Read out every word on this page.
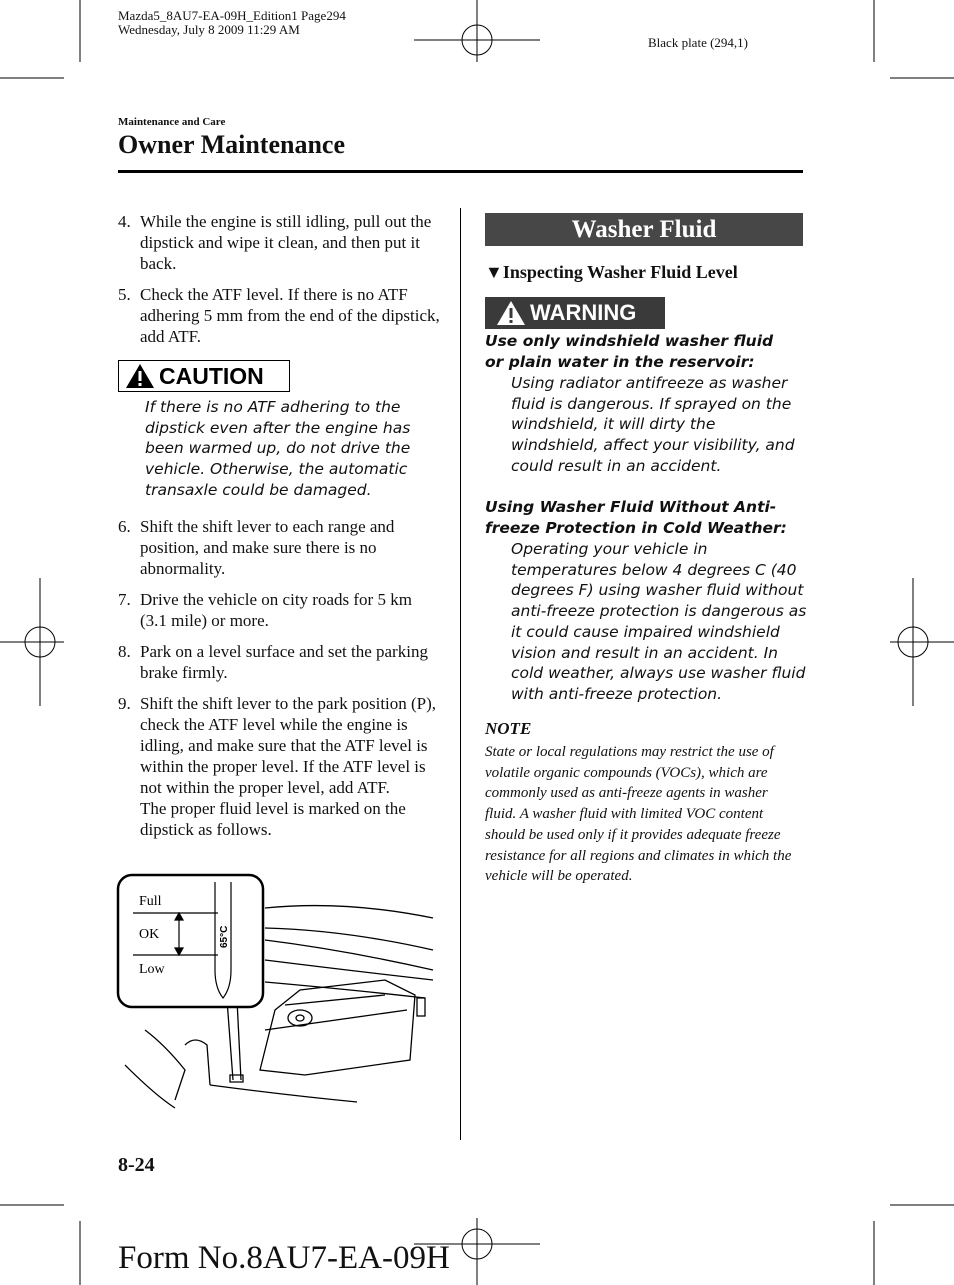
Mazda5_8AU7-EA-09H_Edition1 Page294
Wednesday, July 8 2009 11:29 AM
Black plate (294,1)
Maintenance and Care
Owner Maintenance
4. While the engine is still idling, pull out the dipstick and wipe it clean, and then put it back.
5. Check the ATF level. If there is no ATF adhering 5 mm from the end of the dipstick, add ATF.
CAUTION
If there is no ATF adhering to the dipstick even after the engine has been warmed up, do not drive the vehicle. Otherwise, the automatic transaxle could be damaged.
6. Shift the shift lever to each range and position, and make sure there is no abnormality.
7. Drive the vehicle on city roads for 5 km (3.1 mile) or more.
8. Park on a level surface and set the parking brake firmly.
9. Shift the shift lever to the park position (P), check the ATF level while the engine is idling, and make sure that the ATF level is within the proper level. If the ATF level is not within the proper level, add ATF.
The proper fluid level is marked on the dipstick as follows.
Full
OK
Low
65°C
Washer Fluid
▼Inspecting Washer Fluid Level
WARNING
Use only windshield washer fluid or plain water in the reservoir:
Using radiator antifreeze as washer fluid is dangerous. If sprayed on the windshield, it will dirty the windshield, affect your visibility, and could result in an accident.
Using Washer Fluid Without Anti-freeze Protection in Cold Weather:
Operating your vehicle in temperatures below 4 degrees C (40 degrees F) using washer fluid without anti-freeze protection is dangerous as it could cause impaired windshield vision and result in an accident. In cold weather, always use washer fluid with anti-freeze protection.
NOTE
State or local regulations may restrict the use of volatile organic compounds (VOCs), which are commonly used as anti-freeze agents in washer fluid. A washer fluid with limited VOC content should be used only if it provides adequate freeze resistance for all regions and climates in which the vehicle will be operated.
8-24
Form No.8AU7-EA-09H
